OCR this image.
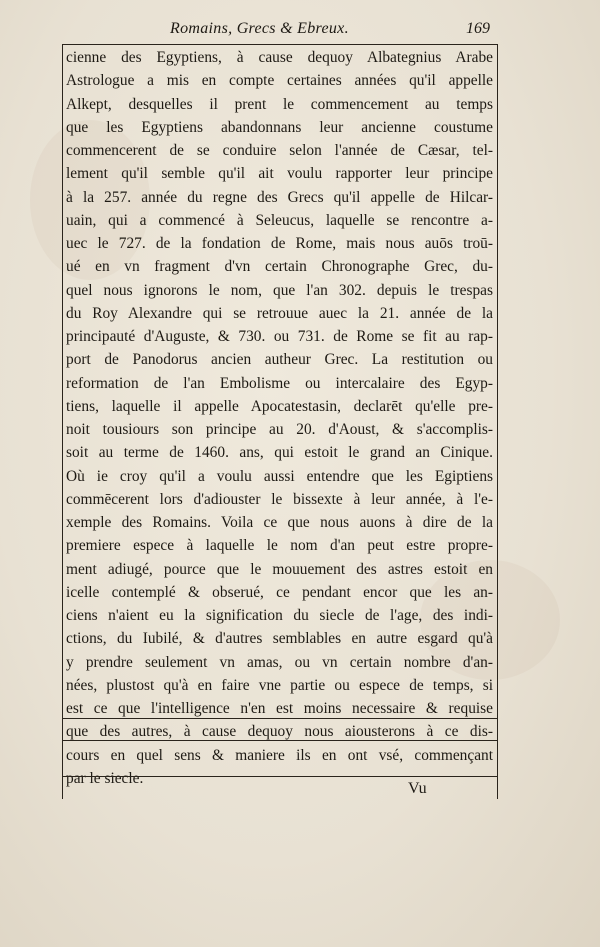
Romains, Grecs & Ebreux.	169
cienne des Egyptiens, à cause dequoy Albategnius Arabe
Astrologue a mis en compte certaines années qu'il appelle
Alkept, desquelles il prent le commencement au temps
que les Egyptiens abandonnans leur ancienne coustume
commencerent de se conduire selon l'année de Cæsar, tel-
lement qu'il semble qu'il ait voulu rapporter leur principe
à la 257. année du regne des Grecs qu'il appelle de Hilcar-
uain, qui a commencé à Seleucus, laquelle se rencontre a-
uec le 727. de la fondation de Rome, mais nous auōs troū-
ué en vn fragment d'vn certain Chronographe Grec, du-
quel nous ignorons le nom, que l'an 302. depuis le trespas
du Roy Alexandre qui se retrouue auec la 21. année de la
principauté d'Auguste, & 730. ou 731. de Rome se fit au rap-
port de Panodorus ancien autheur Grec. La restitution ou
reformation de l'an Embolisme ou intercalaire des Egyp-
tiens, laquelle il appelle Apocatestasin, declarēt qu'elle pre-
noit tousiours son principe au 20. d'Aoust, & s'accomplis-
soit au terme de 1460. ans, qui estoit le grand an Cinique.
Où ie croy qu'il a voulu aussi entendre que les Egiptiens
commēcerent lors d'adiouster le bissexte à leur année, à l'e-
xemple des Romains. Voila ce que nous auons à dire de la
premiere espece à laquelle le nom d'an peut estre propre-
ment adiugé, pource que le mouuement des astres estoit en
icelle contemplé & obserué, ce pendant encor que les an-
ciens n'aient eu la signification du siecle de l'age, des indi-
ctions, du Iubilé, & d'autres semblables en autre esgard qu'à
y prendre seulement vn amas, ou vn certain nombre d'an-
nées, plustost qu'à en faire vne partie ou espece de temps, si
est ce que l'intelligence n'en est moins necessaire & requise
que des autres, à cause dequoy nous aiousterons à ce dis-
cours en quel sens & maniere ils en ont vsé, commençant
par le siecle.
Vu
